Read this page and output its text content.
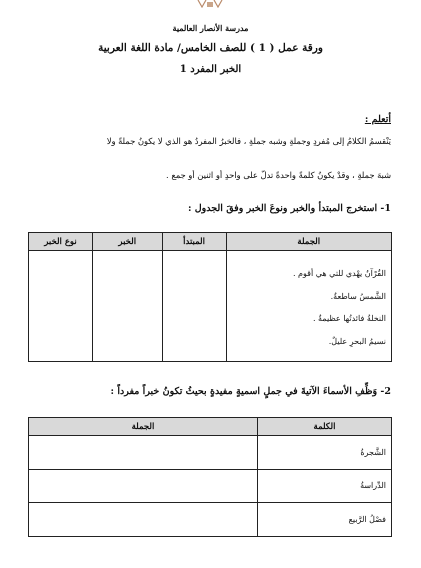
مدرسة الأنصار العالمية
ورقة عمل ( 1 ) للصف الخامس/ مادة اللغة العربية
الخبر المفرد 1
أتعلم :
يَنْقسمُ الكلامُ إلى مُفردٍ وجملةٍ وشبه جملةٍ ، فالخبرُ المفردُ هو الذي لا يكونُ جملةً ولا
شبهَ جملةٍ ، وقدْ يكونُ كلمةً واحدةً تدلُّ على واحدٍ أو اثنين أو جمع .
1- استخرج المبتدأ والخبر ونوعَ الخبر وفقَ الجدول :
الجملة	المبتدأ	الخبر	نوع الخبر

القُرْآنُ يهْدي للتي هي أقوم .
الشَّمسُ ساطعةٌ.
النخلةُ فائدتُها عظيمةٌ .
نسيمُ البحرِ عليلٌ.			

2- وَظِّفِ الأسماءَ الآتيةَ في جملٍ اسميةٍ مفيدةٍ بحيثُ تكونُ خبراً مفرداً :
الكلمة	الجملة
الشَّجرةُ	
الدِّراسةُ	
فصْلُ الرَّبيع	
